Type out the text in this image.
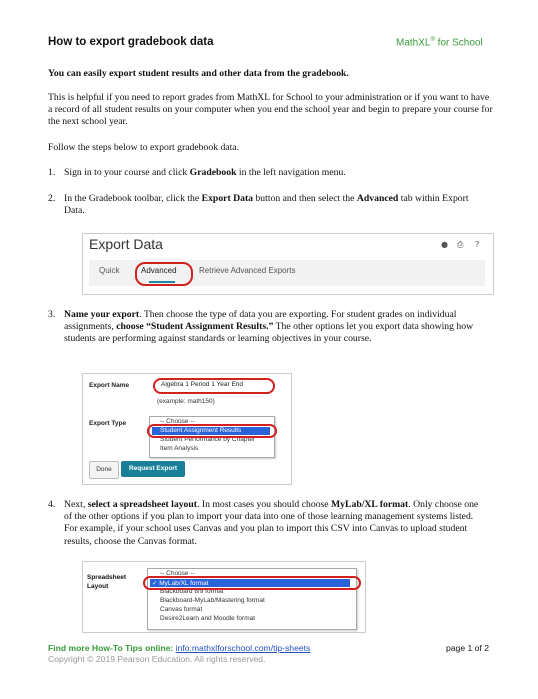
How to export gradebook data	MathXL® for School
You can easily export student results and other data from the gradebook.
This is helpful if you need to report grades from MathXL for School to your administration or if you want to have a record of all student results on your computer when you end the school year and begin to prepare your course for the next school year.
Follow the steps below to export gradebook data.
1. Sign in to your course and click Gradebook in the left navigation menu.
2. In the Gradebook toolbar, click the Export Data button and then select the Advanced tab within Export Data.
Export Data	● ⎙ ?
Quick	Advanced	Retrieve Advanced Exports
3. Name your export. Then choose the type of data you are exporting. For student grades on individual assignments, choose “Student Assignment Results.” The other options let you export data showing how students are performing against standards or learning objectives in your course.
Export Name	Algebra 1 Period 1 Year End
(example: math150)
Export Type	-- Choose --
Student Assignment Results
Student Performance by Chapter
Item Analysis
Done	Request Export
4. Next, select a spreadsheet layout. In most cases you should choose MyLab/XL format. Only choose one of the other options if you plan to import your data into one of those learning management systems listed. For example, if your school uses Canvas and you plan to import this CSV into Canvas to upload student results, choose the Canvas format.
Spreadsheet
Layout
-- Choose --
✓ MyLab/XL format
Blackboard 8/9 format
Blackboard-MyLab/Mastering format
Canvas format
Desire2Learn and Moodle format
Find more How-To Tips online: info.mathxlforschool.com/tip-sheets
Copyright © 2019 Pearson Education. All rights reserved.
page 1 of 2
